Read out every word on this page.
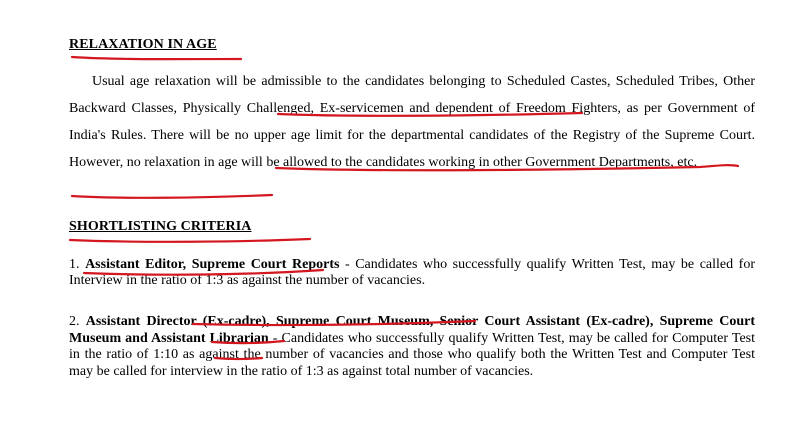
RELAXATION IN AGE

Usual age relaxation will be admissible to the candidates belonging to Scheduled Castes, Scheduled Tribes, Other Backward Classes, Physically Challenged, Ex-servicemen and dependent of Freedom Fighters, as per Government of India's Rules. There will be no upper age limit for the departmental candidates of the Registry of the Supreme Court. However, no relaxation in age will be allowed to the candidates working in other Government Departments, etc.

SHORTLISTING CRITERIA

1. Assistant Editor, Supreme Court Reports - Candidates who successfully qualify Written Test, may be called for Interview in the ratio of 1:3 as against the number of vacancies.

2. Assistant Director (Ex-cadre), Supreme Court Museum, Senior Court Assistant (Ex-cadre), Supreme Court Museum and Assistant Librarian - Candidates who successfully qualify Written Test, may be called for Computer Test in the ratio of 1:10 as against the number of vacancies and those who qualify both the Written Test and Computer Test may be called for interview in the ratio of 1:3 as against total number of vacancies.
